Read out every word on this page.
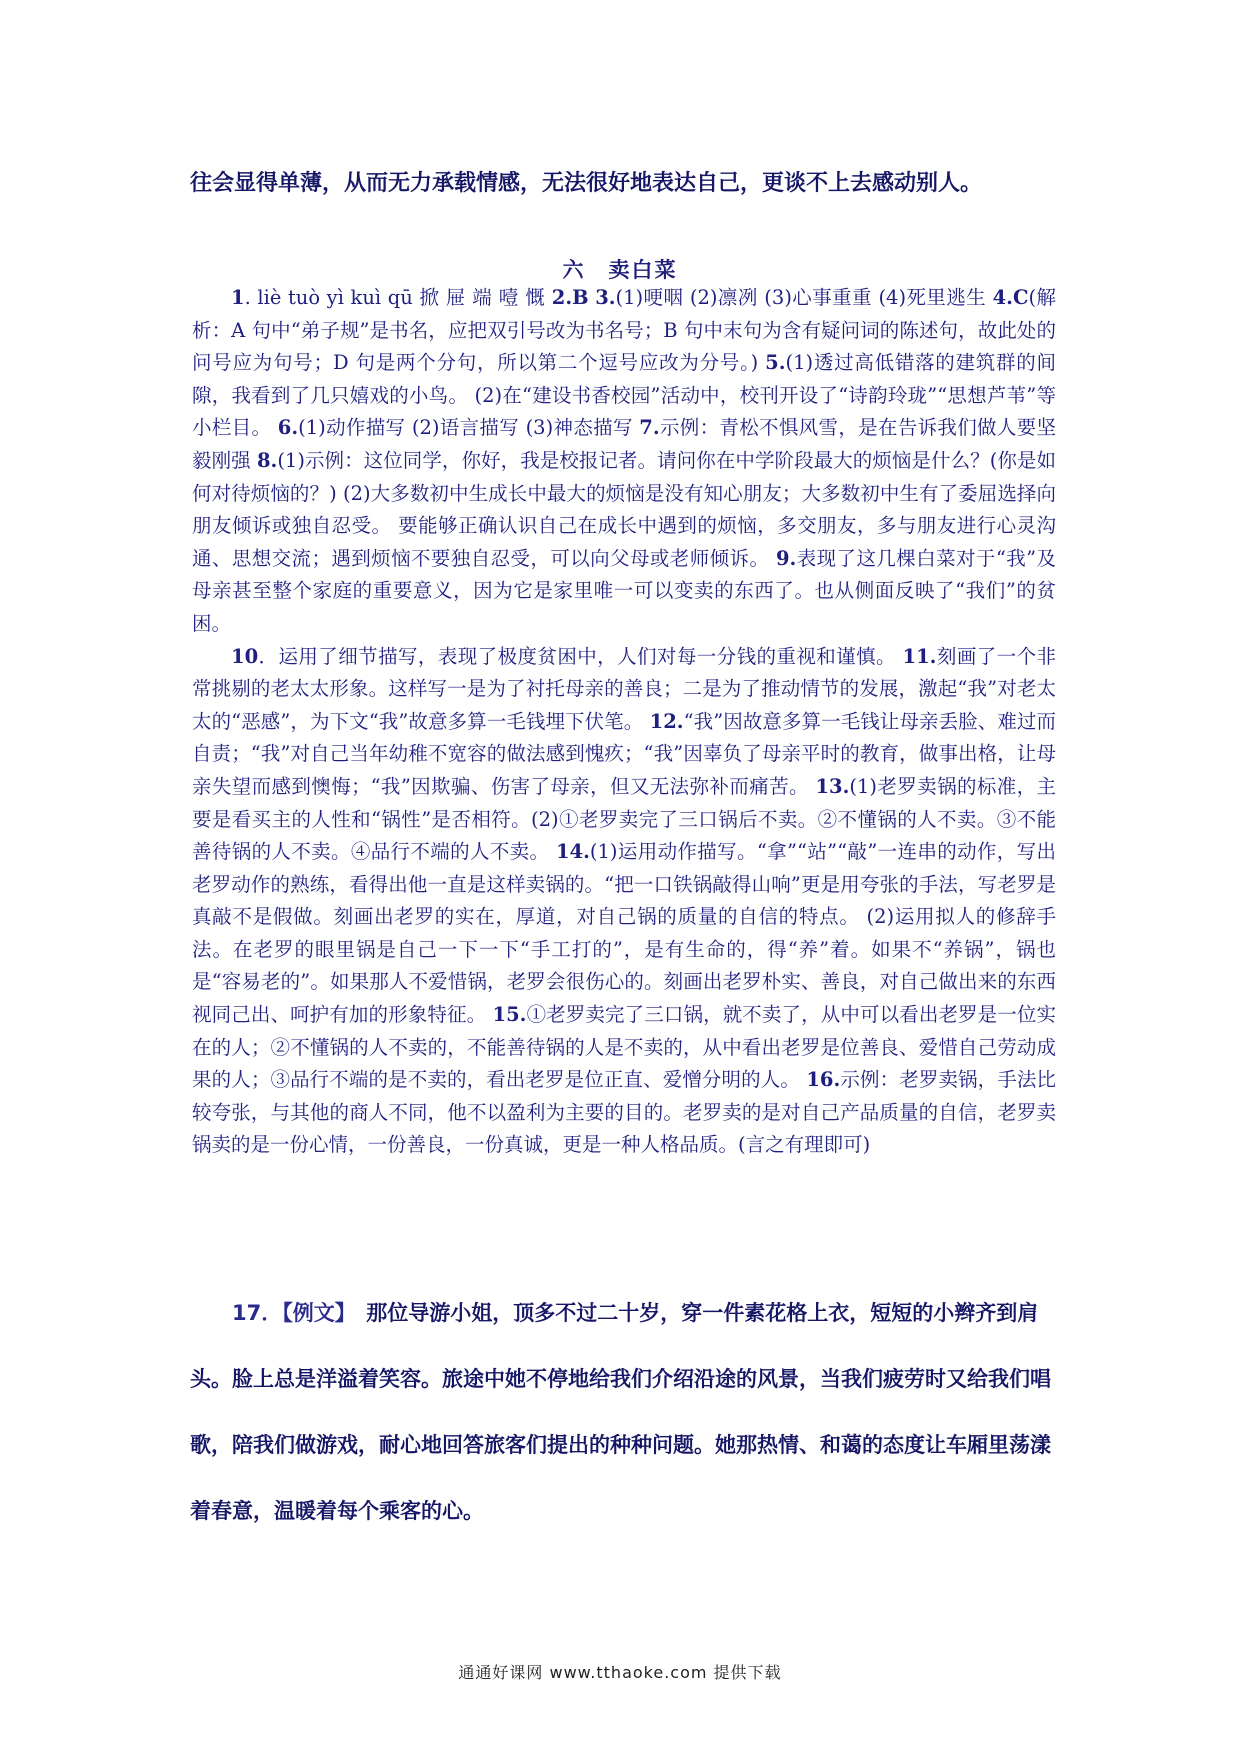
往会显得单薄，从而无力承载情感，无法很好地表达自己，更谈不上去感动别人。
六　卖白菜

1. liè tuò yì kuì qū 掀 屉 端 噎 慨 2.B 3.(1)哽咽 (2)凛冽 (3)心事重重 (4)死里逃生 4.C(解析：A 句中“弟子规”是书名，应把双引号改为书名号；B 句中末句为含有疑问词的陈述句，故此处的问号应为句号；D 句是两个分句，所以第二个逗号应改为分号。) 5.(1)透过高低错落的建筑群的间隙，我看到了几只嬉戏的小鸟。 (2)在“建设书香校园”活动中，校刊开设了“诗韵玲珑”“思想芦苇”等小栏目。 6.(1)动作描写 (2)语言描写 (3)神态描写 7.示例：青松不惧风雪，是在告诉我们做人要坚毅刚强 8.(1)示例：这位同学，你好，我是校报记者。请问你在中学阶段最大的烦恼是什么？(你是如何对待烦恼的？) (2)大多数初中生成长中最大的烦恼是没有知心朋友；大多数初中生有了委屈选择向朋友倾诉或独自忍受。 要能够正确认识自己在成长中遇到的烦恼，多交朋友，多与朋友进行心灵沟通、思想交流；遇到烦恼不要独自忍受，可以向父母或老师倾诉。 9.表现了这几棵白菜对于“我”及母亲甚至整个家庭的重要意义，因为它是家里唯一可以变卖的东西了。也从侧面反映了“我们”的贫困。

10．运用了细节描写，表现了极度贫困中，人们对每一分钱的重视和谨慎。 11.刻画了一个非常挑剔的老太太形象。这样写一是为了衬托母亲的善良；二是为了推动情节的发展，激起“我”对老太太的“恶感”，为下文“我”故意多算一毛钱埋下伏笔。 12.“我”因故意多算一毛钱让母亲丢脸、难过而自责；“我”对自己当年幼稚不宽容的做法感到愧疚；“我”因辜负了母亲平时的教育，做事出格，让母亲失望而感到懊悔；“我”因欺骗、伤害了母亲，但又无法弥补而痛苦。 13.(1)老罗卖锅的标准，主要是看买主的人性和“锅性”是否相符。(2)①老罗卖完了三口锅后不卖。②不懂锅的人不卖。③不能善待锅的人不卖。④品行不端的人不卖。 14.(1)运用动作描写。“拿”“站”“敲”一连串的动作，写出老罗动作的熟练，看得出他一直是这样卖锅的。“把一口铁锅敲得山响”更是用夸张的手法，写老罗是真敲不是假做。刻画出老罗的实在，厚道，对自己锅的质量的自信的特点。 (2)运用拟人的修辞手法。在老罗的眼里锅是自己一下一下“手工打的”，是有生命的，得“养”着。如果不“养锅”，锅也是“容易老的”。如果那人不爱惜锅，老罗会很伤心的。刻画出老罗朴实、善良，对自己做出来的东西视同己出、呵护有加的形象特征。 15.①老罗卖完了三口锅，就不卖了，从中可以看出老罗是一位实在的人；②不懂锅的人不卖的，不能善待锅的人是不卖的，从中看出老罗是位善良、爱惜自己劳动成果的人；③品行不端的是不卖的，看出老罗是位正直、爱憎分明的人。 16.示例：老罗卖锅，手法比较夸张，与其他的商人不同，他不以盈利为主要的目的。老罗卖的是对自己产品质量的自信，老罗卖锅卖的是一份心情，一份善良，一份真诚，更是一种人格品质。(言之有理即可)

17．【例文】　那位导游小姐，顶多不过二十岁，穿一件素花格上衣，短短的小辫齐到肩头。脸上总是洋溢着笑容。旅途中她不停地给我们介绍沿途的风景，当我们疲劳时又给我们唱歌，陪我们做游戏，耐心地回答旅客们提出的种种问题。她那热情、和蔼的态度让车厢里荡漾着春意，温暖着每个乘客的心。

通通好课网 www.tthaoke.com 提供下载
